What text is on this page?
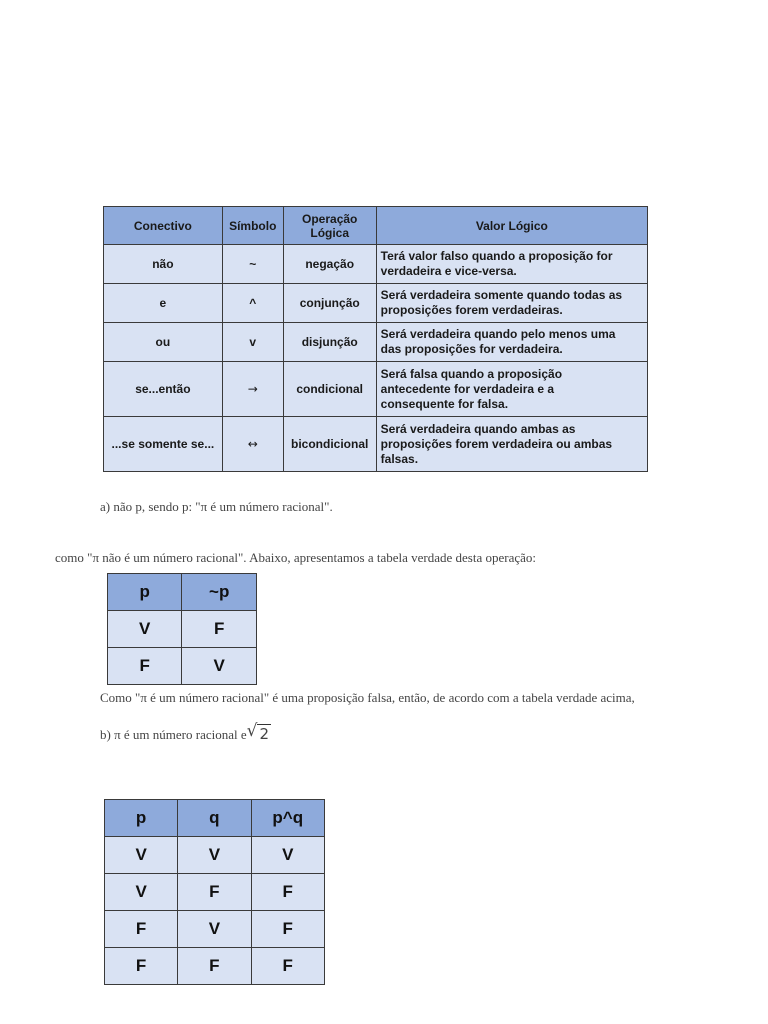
Conectivo	Símbolo	Operação Lógica	Valor Lógico
não	~	negação	Terá valor falso quando a proposição for
verdadeira e vice-versa.
e	^	conjunção	Será verdadeira somente quando todas as
proposições forem verdadeiras.
ou	v	disjunção	Será verdadeira quando pelo menos uma
das proposições for verdadeira.
se...então	→	condicional	Será falsa quando a proposição
antecedente for verdadeira e a
consequente for falsa.
...se somente se...	↔	bicondicional	Será verdadeira quando ambas as
proposições forem verdadeira ou ambas
falsas.
a) não p, sendo p: "π é um número racional".
como "π não é um número racional". Abaixo, apresentamos a tabela verdade desta operação:
p	~p
V	F
F	V
Como "π é um número racional" é uma proposição falsa, então, de acordo com a tabela verdade acima,
b) π é um número racional e√ 2
p	q	p^q
V	V	V
V	F	F
F	V	F
F	F	F
